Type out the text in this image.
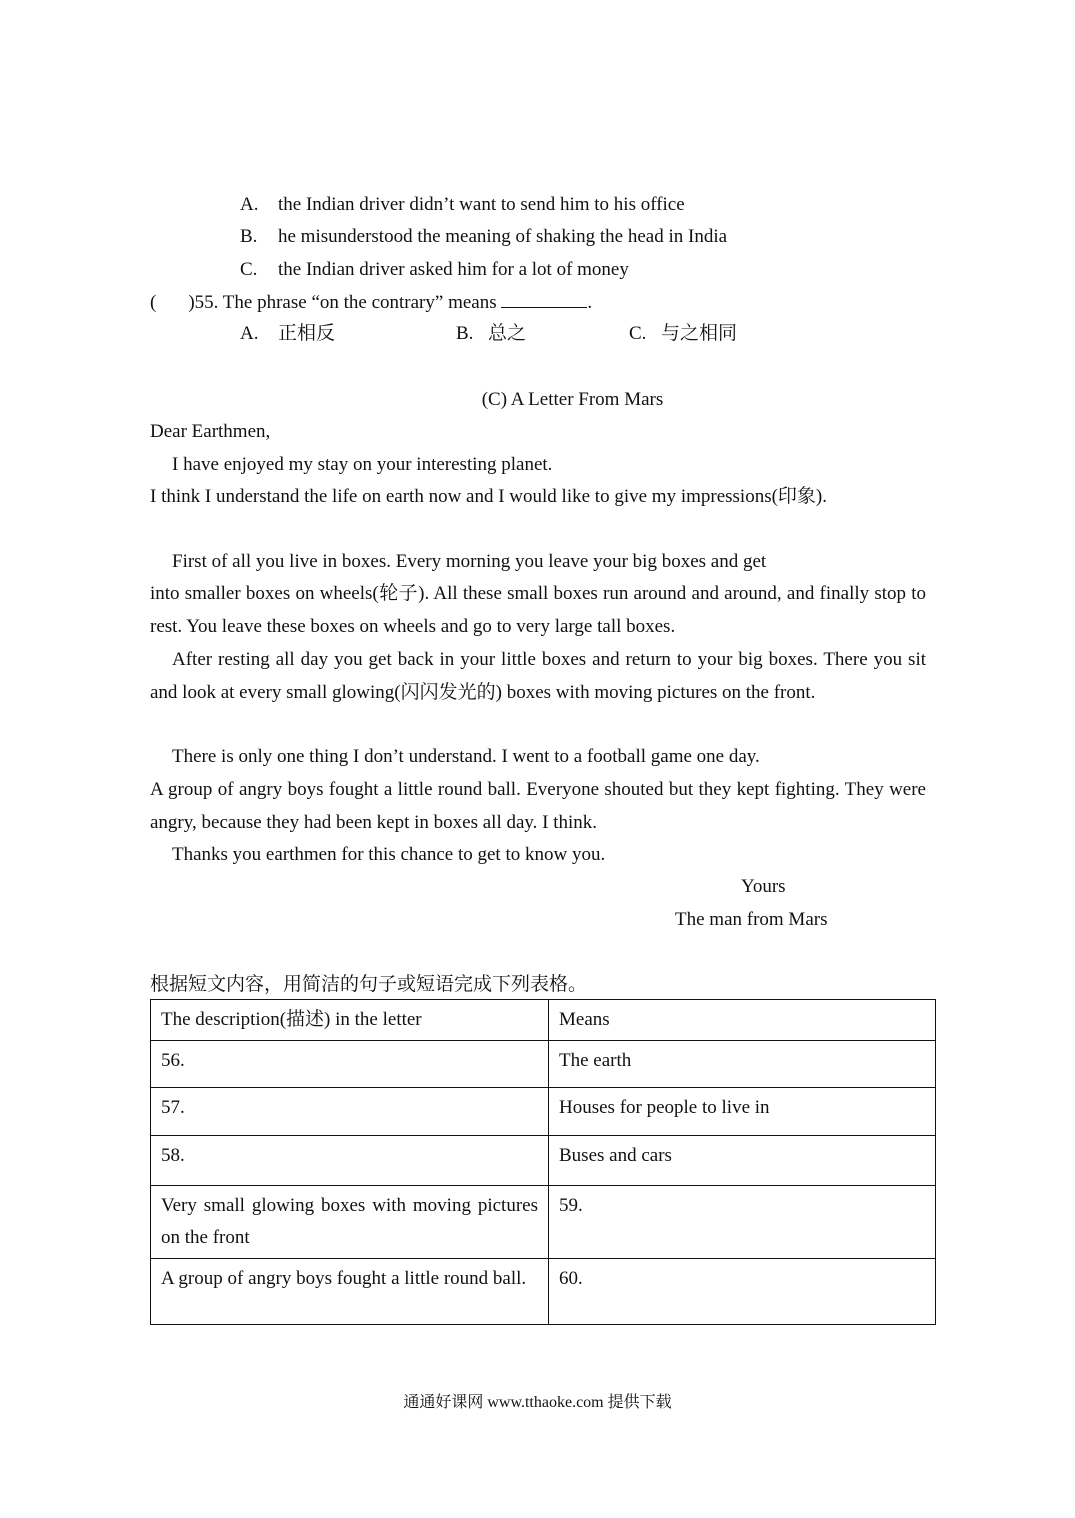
A. the Indian driver didn’t want to send him to his office
B. he misunderstood the meaning of shaking the head in India
C. the Indian driver asked him for a lot of money
( )55. The phrase “on the contrary” means	.
A. 正相反	B. 总之	C. 与之相同
(C) A Letter From Mars
Dear Earthmen,
I have enjoyed my stay on your interesting planet.
I think I understand the life on earth now and I would like to give my impressions(印象).
First of all you live in boxes. Every morning you leave your big boxes and get
into smaller boxes on wheels(轮子). All these small boxes run around and around, and finally stop to rest. You leave these boxes on wheels and go to very large tall boxes.
After resting all day you get back in your little boxes and return to your big boxes. There you sit and look at every small glowing(闪闪发光的) boxes with moving pictures on the front.
There is only one thing I don’t understand. I went to a football game one day.
A group of angry boys fought a little round ball. Everyone shouted but they kept fighting. They were angry, because they had been kept in boxes all day. I think.
Thanks you earthmen for this chance to get to know you.
Yours
The man from Mars
根据短文内容，用简洁的句子或短语完成下列表格。
The description(描述) in the letter	Means
56.	The earth
57.	Houses for people to live in
58.	Buses and cars
Very small glowing boxes with moving pictures on the front	59.
A group of angry boys fought a little round ball.	60.
通通好课网 www.tthaoke.com 提供下载
